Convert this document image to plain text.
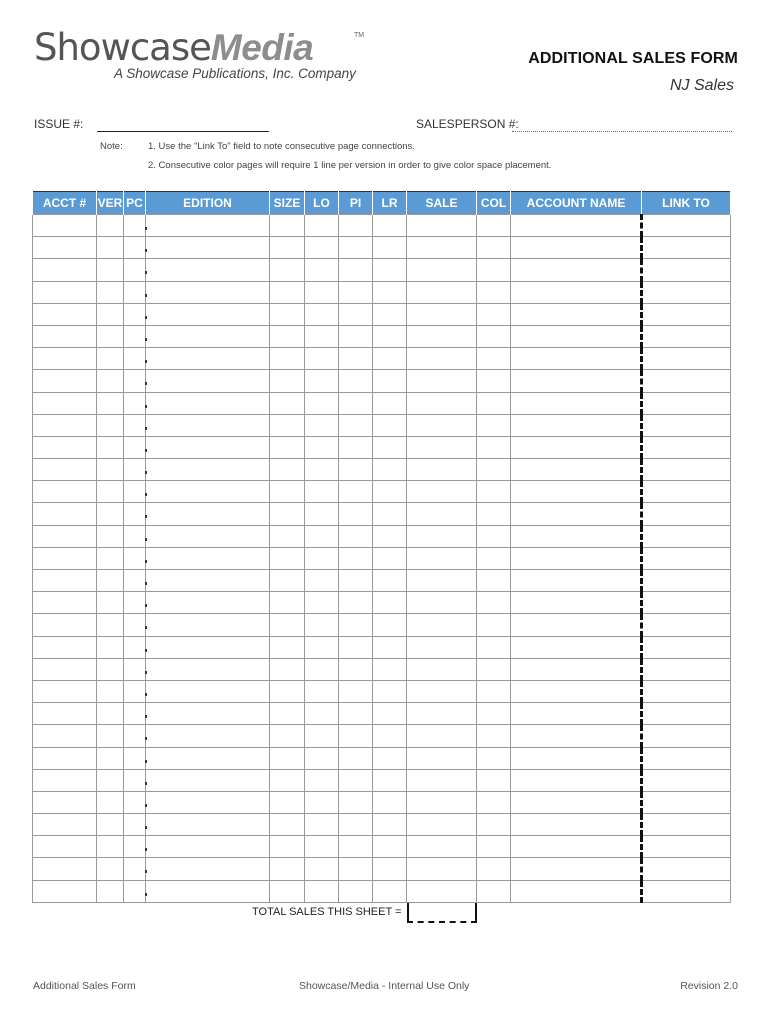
ShowcaseMedia	TM
A Showcase Publications, Inc. Company
ADDITIONAL SALES FORM
NJ Sales
ISSUE #:	SALESPERSON #:
Note:	1. Use the "Link To" field to note consecutive page connections.
2. Consecutive color pages will require 1 line per version in order to give color space placement.
ACCT #	VER	PC	EDITION	SIZE	LO	PI	LR	SALE	COL	ACCOUNT NAME	LINK TO

TOTAL SALES THIS SHEET =
Additional Sales Form	Showcase/Media - Internal Use Only	Revision 2.0
